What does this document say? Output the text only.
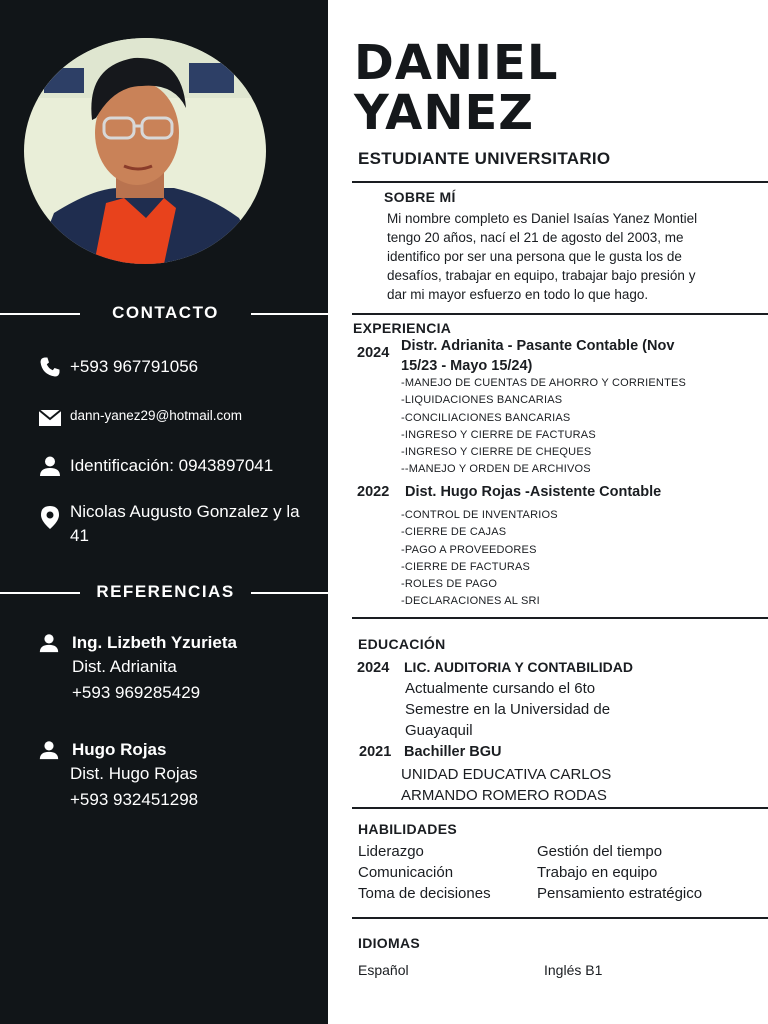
CONTACTO
+593 967791056
dann-yanez29@hotmail.com
Identificación: 0943897041
Nicolas Augusto Gonzalez y la 41
REFERENCIAS
Ing. Lizbeth Yzurieta
Dist. Adrianita
+593 969285429
Hugo Rojas
Dist. Hugo Rojas
+593 932451298
DANIEL
YANEZ
ESTUDIANTE UNIVERSITARIO
SOBRE MÍ
Mi nombre completo es Daniel Isaías Yanez Montiel
tengo 20 años, nací el 21 de agosto del 2003, me
identifico por ser una persona que le gusta los de
desafíos, trabajar en equipo, trabajar bajo presión y
dar mi mayor esfuerzo en todo lo que hago.
EXPERIENCIA
2024 Distr. Adrianita - Pasante Contable (Nov
15/23 - Mayo 15/24)
-MANEJO DE CUENTAS DE AHORRO Y CORRIENTES
-LIQUIDACIONES BANCARIAS
-CONCILIACIONES BANCARIAS
-INGRESO Y CIERRE DE FACTURAS
-INGRESO Y CIERRE DE CHEQUES
--MANEJO Y ORDEN DE ARCHIVOS
2022 Dist. Hugo Rojas -Asistente Contable
-CONTROL DE INVENTARIOS
-CIERRE DE CAJAS
-PAGO A PROVEEDORES
-CIERRE DE FACTURAS
-ROLES DE PAGO
-DECLARACIONES AL SRI
EDUCACIÓN
2024 LIC. AUDITORIA Y CONTABILIDAD
Actualmente cursando el 6to
Semestre en la Universidad de
Guayaquil
2021 Bachiller BGU
UNIDAD EDUCATIVA CARLOS
ARMANDO ROMERO RODAS
HABILIDADES
Liderazgo
Comunicación
Toma de decisiones
Gestión del tiempo
Trabajo en equipo
Pensamiento estratégico
IDIOMAS
Español	Inglés B1
